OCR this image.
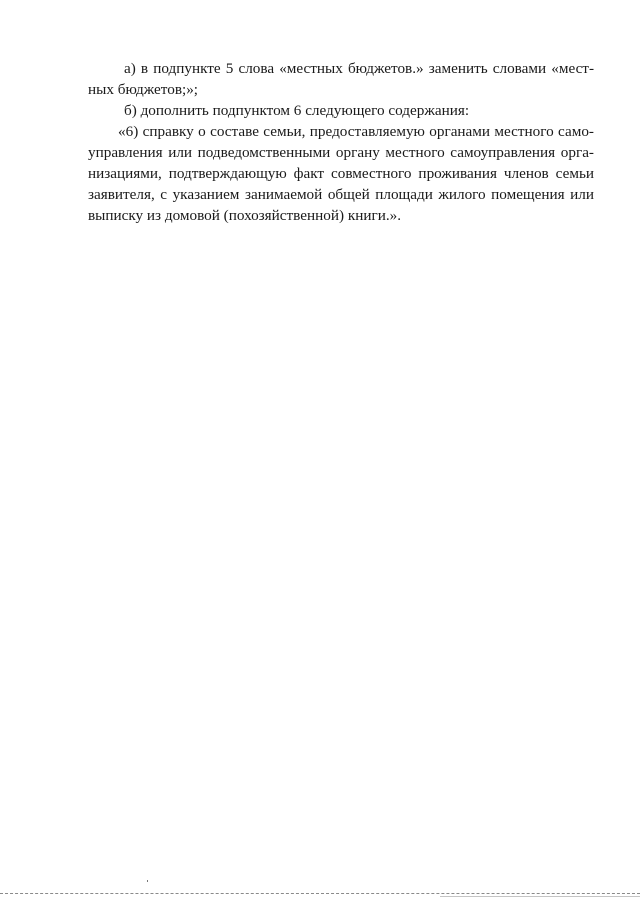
а) в подпункте 5 слова «местных бюджетов.» заменить словами «мест-
ных бюджетов;»;
б) дополнить подпунктом 6 следующего содержания:
«6) справку о составе семьи, предоставляемую органами местного само-
управления или подведомственными органу местного самоуправления орга-
низациями, подтверждающую факт совместного проживания членов семьи
заявителя, с указанием занимаемой общей площади жилого помещения или
выписку из домовой (похозяйственной) книги.».
